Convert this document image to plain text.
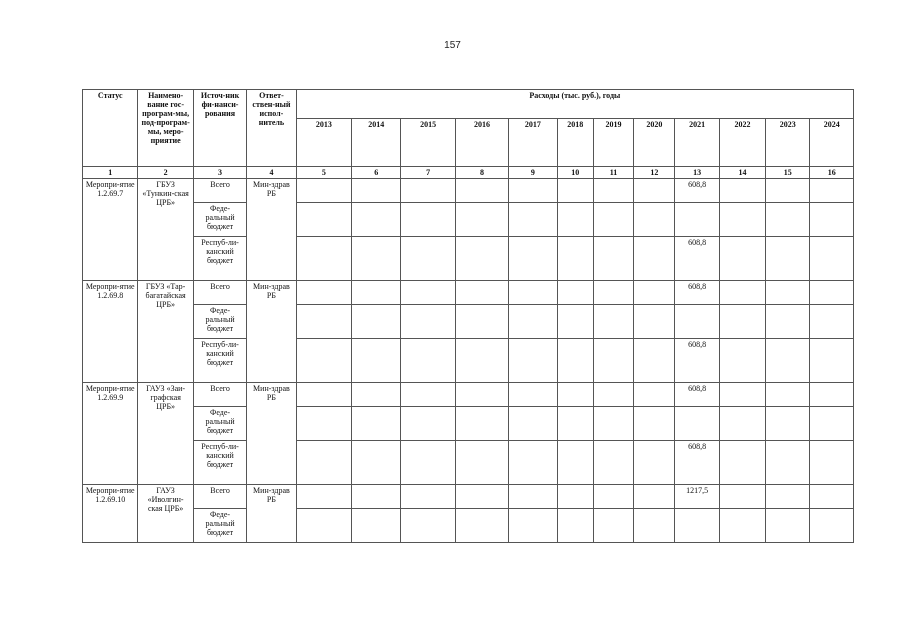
157
Статус	Наимено-вание гос-програм-мы, под-програм-мы, меро-приятие	Источ-ник фи-нанси-рования	Ответ-ствен-ный испол-нитель	Расходы (тыс. руб.), годы											
				2013	2014	2015	2016	2017	2018	2019	2020	2021	2022	2023	2024
1	2	3	4	5	6	7	8	9	10	11	12	13	14	15	16
Меропри-ятие 1.2.69.7	ГБУЗ «Тункин-ская ЦРБ»	Всего	Мин-здрав РБ									608,8			
		Феде-ральный бюджет													
		Респуб-ли-канский бюджет										608,8			
Меропри-ятие 1.2.69.8	ГБУЗ «Тар-багатайская ЦРБ»	Всего	Мин-здрав РБ									608,8			
		Феде-ральный бюджет													
		Респуб-ли-канский бюджет										608,8			
Меропри-ятие 1.2.69.9	ГАУЗ «Заи-графская ЦРБ»	Всего	Мин-здрав РБ									608,8			
		Феде-ральный бюджет													
		Респуб-ли-канский бюджет										608,8			
Меропри-ятие 1.2.69.10	ГАУЗ «Иволгин-ская ЦРБ»	Всего	Мин-здрав РБ									1217,5			
		Феде-ральный бюджет													
